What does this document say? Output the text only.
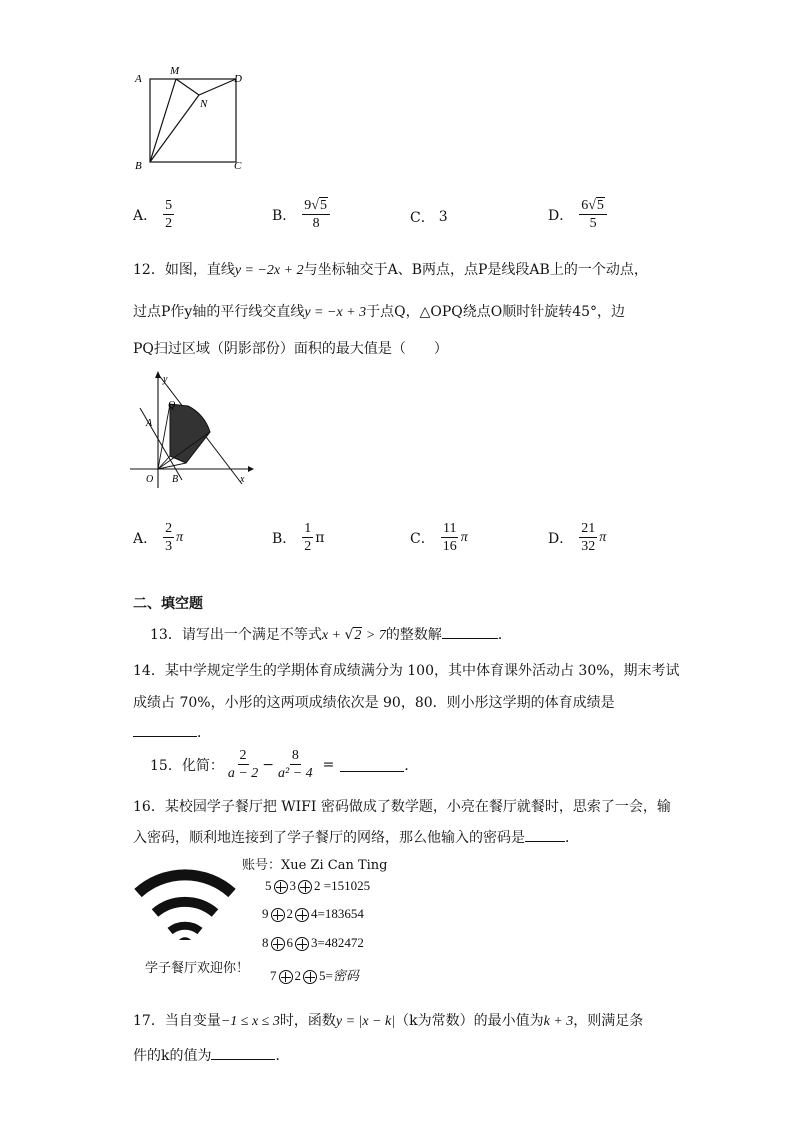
A
M
D
N
B	C
A． $\frac{5}{2}$	B． $\frac{9√5}{8}$	C． 3	D． $\frac{6√5}{5}$
12．如图，直线y = −2x + 2与坐标轴交于A、B两点，点P是线段AB上的一个动点，
过点P作y轴的平行线交直线y = −x + 3于点Q，△OPQ绕点O顺时针旋转45°，边
PQ扫过区域（阴影部份）面积的最大值是（　　）
y
x
Q
A
O B
A． $\frac{2}{3}$ π	B． $\frac{1}{2}$ π	C． $\frac{11}{16}$ π	D． $\frac{21}{32}$ π
二、填空题
13．请写出一个满足不等式x + √2 > 7的整数解	．
14．某中学规定学生的学期体育成绩满分为 100，其中体育课外活动占 30%，期末考试
成绩占 70%，小彤的这两项成绩依次是 90，80．则小彤这学期的体育成绩是
．
15．化简： $\frac{2}{a - 2} - \frac{8}{\text{a² − 4}}$ =	．
16．某校园学子餐厅把 WIFI 密码做成了数学题，小亮在餐厅就餐时，思索了一会，输
入密码，顺利地连接到了学子餐厅的网络，那么他输入的密码是	．
学子餐厅欢迎你！
账号：Xue Zi Can Ting
5 3 2 =151025
9 2 4=183654
8 6 3=482472
7 2 5=密码
17．当自变量−1 ≤ x ≤ 3时，函数y = |x − k|（k为常数）的最小值为k + 3，则满足条
件的k的值为	．
